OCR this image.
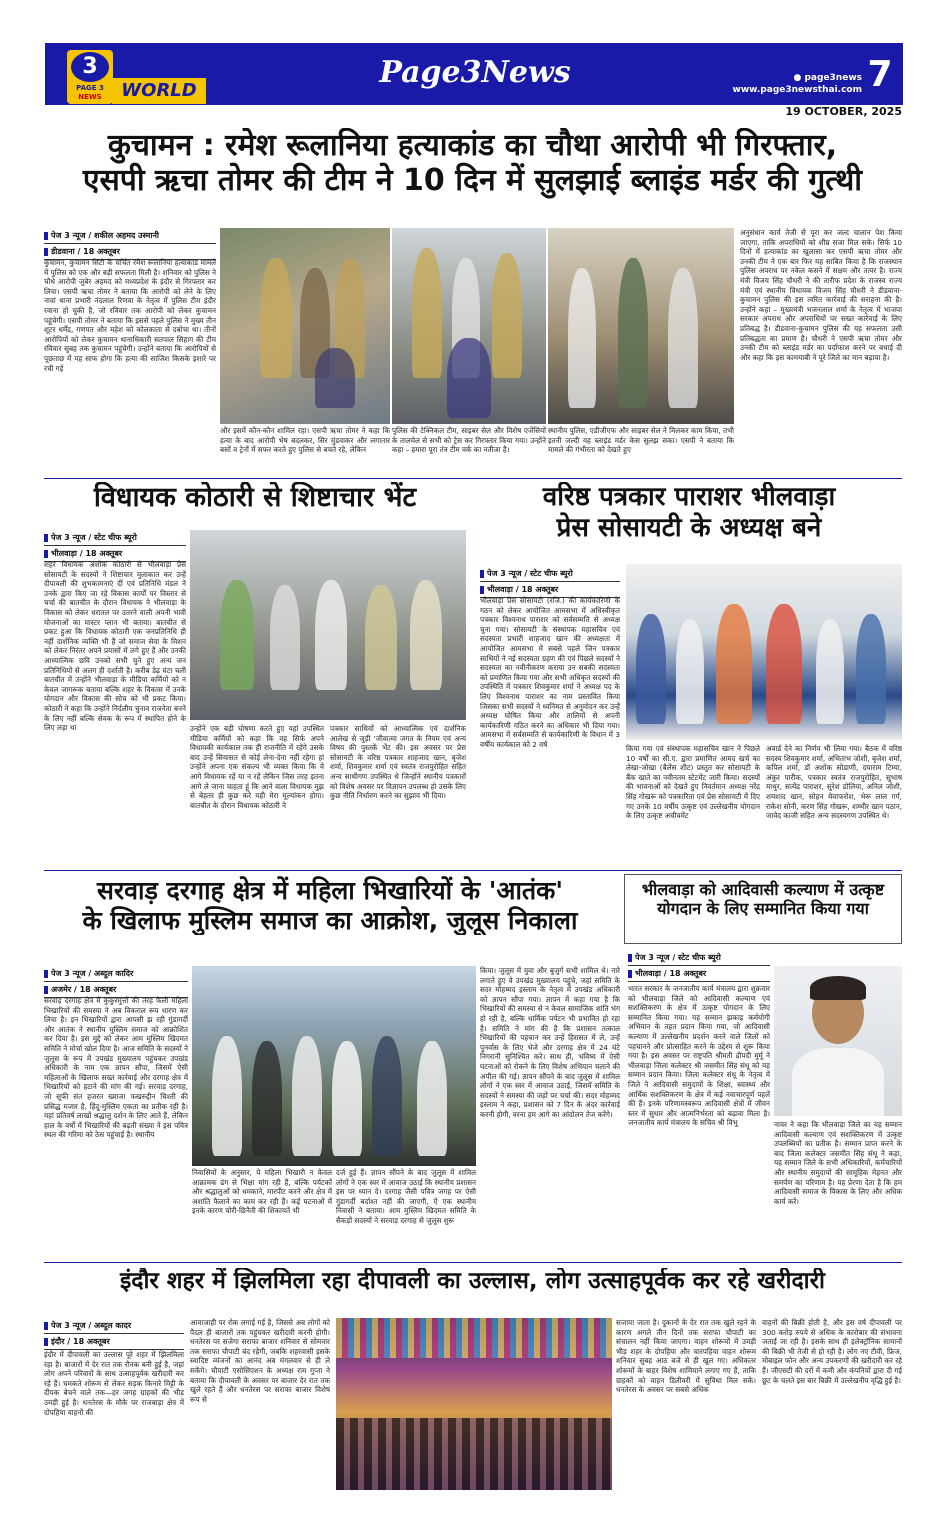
3
PAGE 3
NEWS	WORLD
Page3News	● page3news
www.page3newsthai.com 7
19 OCTOBER, 2025
कुचामन : रमेश रूलानिया हत्याकांड का चौथा आरोपी भी गिरफ्तार,
एसपी ऋचा तोमर की टीम ने 10 दिन में सुलझाई ब्लाइंड मर्डर की गुत्थी
पेज 3 न्यूज / शकील अहमद उस्मानी
डीडवाना / 18 अक्तूबर
कुचामन, कुचामन सिटी के चर्चित रमेश रूलानिया हत्याकांड मामले में पुलिस को एक और बड़ी सफलता मिली है। शनिवार को पुलिस ने चौथे आरोपी जुबेर अहमद को मध्यप्रदेश के इंदौर से गिरफ्तार कर लिया। एसपी ऋचा तोमर ने बताया कि आरोपी को लेने के लिए नावां थाना प्रभारी नंदलाल रिणवा के नेतृत्व में पुलिस टीम इंदौर रवाना हो चुकी है, जो रविवार तक आरोपी को लेकर कुचामन पहुंचेगी। एसपी तोमर ने बताया कि इससे पहले पुलिस ने मुख्य तीन शूटर धर्मेंद्र, गणपत और महेश को कोलकाता से दबोचा था। तीनों आरोपियों को लेकर कुचामन थानाधिकारी सतपाल सिहाग की टीम रविवार सुबह तक कुचामन पहुंचेगी। उन्होंने बताया कि आरोपियों से पूछताछ में यह साफ होगा कि हत्या की साजिश किसके इशारे पर रची गई
और इसमें कौन-कौन शामिल रहा। एसपी ऋचा तोमर ने कहा कि हत्या के बाद आरोपी भेष बदलकर, सिर मुंडवाकर और लगातार बसों व ट्रेनों में सफर करते हुए पुलिस से बचते रहे, लेकिन
पुलिस की टेक्निकल टीम, साइबर सेल और विशेष एजेंसियों के तालमेल से सभी को ट्रेस कर गिरफ्तार किया गया। उन्होंने कहा – हमारा पूरा तंत्र टीम वर्क का नतीजा है।
स्थानीय पुलिस, एडीजीएफ और साइबर सेल ने मिलकर काम किया, तभी इतनी जल्दी यह ब्लाइंड मर्डर केस सुलझ सका। एसपी ने बताया कि मामले की गंभीरता को देखते हुए
अनुसंधान कार्य तेजी से पूरा कर जल्द चालान पेश किया जाएगा, ताकि अपराधियों को शीघ्र सजा मिल सके। सिर्फ 10 दिनों में हत्याकांड का खुलासा कर एसपी ऋचा तोमर और उनकी टीम ने एक बार फिर यह साबित किया है कि राजस्थान पुलिस अपराध पर नकेल कसने में सक्षम और तत्पर है। राज्य मंत्री विजय सिंह चौधरी ने की तारीफ प्रदेश के राजस्व राज्य मंत्री एवं स्थानीय विधायक विजय सिंह चौधरी ने डीडवाना-कुचामन पुलिस की इस त्वरित कार्रवाई की सराहना की है। उन्होंने कहा – मुख्यमंत्री भजनलाल शर्मा के नेतृत्व में भाजपा सरकार अपराध और अपराधियों पर सख्त कार्रवाई के लिए प्रतिबद्ध है। डीडवाना-कुचामन पुलिस की यह सफलता उसी प्रतिबद्धता का प्रमाण है। चौधरी ने एसपी ऋचा तोमर और उनकी टीम को ब्लाइंड मर्डर का पर्दाफाश करने पर बधाई दी और कहा कि इस कामयाबी ने पूरे जिले का मान बढ़ाया है।
विधायक कोठारी से शिष्टाचार भेंट
पेज 3 न्यूज / स्टेट चीफ ब्यूरो
भीलवाड़ा / 18 अक्तूबर
शहर विधायक अशोक कोठारी से भीलवाड़ा प्रेस सोसायटी के सदस्यों ने शिष्टाचार मुलाकात कर उन्हें दीपावली की शुभकामनाएं दीं एवं प्रतिनिधि मंडल ने उनके द्वारा किए जा रहे विकास कार्यों पर विस्तार से चर्चा की बातचीत के दौरान विधायक ने भीलवाड़ा के विकास को लेकर धरातल पर उतरने वाली अपनी भावी योजनाओं का मास्टर प्लान भी बताया। बातचीत से प्रकट हुआ कि विधायक कोठारी एक जनप्रतिनिधि ही नहीं दार्शनिक व्यक्ति भी हैं जो समाज सेवा के मिशन को लेकर निरंतर अपने प्रयासों में लगे हुए हैं और उनकी आध्यात्मिक छवि उनको सभी चुने हुए अन्य जन प्रतिनिधियों से अलग ही दर्शाती है। करीब डेढ़ घंटा चली बातचीत में उन्होंने भीलवाड़ा के मीडिया कर्मियों को न केवल जागरूक बताया बल्कि शहर के विकास में उनके योगदान और विकास की सोच को भी प्रकट किया। कोठारी ने कहा कि उन्होंने निर्दलीय चुनाव राजनेता बनने के लिए नहीं बल्कि सेवक के रूप में स्थापित होने के लिए लड़ा था	उन्होंने एक बड़ी घोषणा करते हुए यहां उपस्थित मीडिया कर्मियों को कहा कि वह सिर्फ अपने विधायकी कार्यकाल तक ही राजनीति में रहेंगे उसके बाद उन्हें सियासत से कोई लेना-देना नहीं रहेगा हां उन्होंने अपना एक संकल्प भी व्यक्त किया कि वे आगे विधायक रहें या न रहें लेकिन जिस तरह इतना आगे ले जाना चाहता हूं कि आने वाला विधायक मुझ से बेहतर ही कुछ करे यही मेरा मूल्यांकन होगा। बातचीत के दौरान विधायक कोठारी ने
पत्रकार साथियों को आध्यात्मिक एवं दार्शनिक आलेख से जुड़ी 'जीवात्मा जगत के नियम एवं अन्य विषय की पुस्तकें भेंट की। इस अवसर पर प्रेस सोसायटी के वरिष्ठ पत्रकार शाहजाद खान, बृजेश शर्मा, शिवकुमार शर्मा एवं स्वतंत्र राजपुरोहित सहित अन्य साथीगण उपस्थित थे जिन्होंने स्थानीय पत्रकारों को विशेष अवसर पर विज्ञापन उपलब्ध हो उसके लिए कुछ नीति निर्धारण करने का सुझाव भी दिया।
वरिष्ठ पत्रकार पाराशर भीलवाड़ा
प्रेस सोसायटी के अध्यक्ष बने
पेज 3 न्यूज / स्टेट चीफ ब्यूरो
भीलवाड़ा / 18 अक्तूबर
भीलवाड़ा प्रेस सोसायटी (रजि.) की कार्यकारिणी के गठन को लेकर आयोजित आमसभा में अधिस्वीकृत पत्रकार विश्वनाथ पाराशर को सर्वसम्मति से अध्यक्ष चुना गया। सोसायटी के संस्थापक महासचिव एवं सदस्यता प्रभारी शाहजाद खान की अध्यक्षता में आयोजित आमसभा में सबसे पहले जिन पत्रकार साथियों ने नई सदस्यता ग्रहण की एवं पिछले सदस्यों ने सदस्यता का नवीनीकरण कराया उन सबकी सदस्यता को प्रमाणित किया गया और सभी अधिकृत सदस्यों की उपस्थिति में पत्रकार शिवकुमार शर्मा ने अध्यक्ष पद के लिए विश्वनाथ पाराशर का नाम प्रस्तावित किया जिसका सभी सदस्यों ने ध्वनिमत से अनुमोदन कर उन्हें अध्यक्ष घोषित किया और तालियों से अपनी कार्यकारिणी गठित करने का अधिकार भी दिया गया। आमसभा में सर्वसम्मति से कार्यकारिणी के विधान में 3 वर्षीय कार्यकाल को 2 वर्ष	किया गया एवं संस्थापक महासचिव खान ने पिछले 10 वर्षों का सी.ए. द्वारा प्रमाणित आमद खर्च का लेखा-जोखा (बैलेंस शीट) प्रस्तुत कर सोसायटी के बैंक खाते का नवीनतम स्टेटमेंट जारी किया। सदस्यों की भावनाओं को देखते हुए निवर्तमान अध्यक्ष नरेंद्र सिंह गोखरू को पत्रकारिता एवं प्रेस सोसायटी में दिए गए उनके 10 वर्षीय उत्कृष्ट एवं उल्लेखनीय योगदान के लिए उत्कृष्ट अचीवमेंट
अवार्ड देने का निर्णय भी लिया गया। बैठक में वरिष्ठ सदस्य शिवकुमार शर्मा, अभिताभ जोशी, बृजेश शर्मा, कपिल शर्मा, डॉ अशोक सोडाणी, दयाराम टिम्या, अंकुर पारीक, पत्रकार स्वतंत्र राजपुरोहित, सुभाष माथुर, सत्येंद्र पाराशर, सुरेश डोलिया, अनिल जोशी, शमशाद खान, सोहन मेवाफरोश, भेरू लाल गर्ग, राकेश सोनी, करण सिंह गोखरू, शम्भीर खान पठान, जावेद काजी सहित अन्य सदस्यगण उपस्थित थे।
सरवाड़ दरगाह क्षेत्र में महिला भिखारियों के 'आतंक'
के खिलाफ मुस्लिम समाज का आक्रोश, जुलूस निकाला
पेज 3 न्यूज / अब्दुल कादिर
अजमेर / 18 अक्तूबर
सरवाड़ दरगाह क्षेत्र में कुकुरमुत्तों की तरह फैली महिला भिखारियों की समस्या ने अब विकराल रूप धारण कर लिया है। इन भिखारियों द्वारा आपसी झ रही गुंडागर्दी और आतंक ने स्थानीय मुस्लिम समाज को आक्रोशित कर दिया है। इस मुद्दे को लेकर आम मुस्लिम खिदमत समिति ने मोर्चा खोल दिया है। आज समिति के सदस्यों ने जुलूस के रूप में उपखंड मुख्यालय पहुंचकर उपखंड अधिकारी के नाम एक ज्ञापन सौंपा, जिसमें ऐसी महिलाओं के खिलाफ सख्त कार्रवाई और दरगाह क्षेत्र में भिखारियों को हटाने की मांग की गई। सरवाड़ दरगाह, जो सूफी संत हजरत ख्वाजा फखरुद्दीन चिश्ती की प्रसिद्ध मजार है, हिंदू-मुस्लिम एकता का प्रतीक रही है। यहां प्रतिवर्ष लाखों श्रद्धालु दर्शन के लिए आते हैं, लेकिन हाल के वर्षों में भिखारियों की बढ़ती संख्या ने इस पवित्र स्थल की गरिमा को ठेस पहुंचाई है। स्थानीय
निवासियों के अनुसार, ये महिला भिखारी न केवल आक्रामक ढंग से भिक्षा मांग रही हैं, बल्कि पर्यटकों और श्रद्धालुओं को धमकाने, मारपीट करने और क्षेत्र में अशांति फैलाने का काम कर रही हैं। कई घटनाओं में इनके कारण चोरी-छिनैती की शिकायतें भी
दर्ज हुई हैं। ज्ञापन सौंपने के बाद जुलूस में शामिल लोगों ने एक स्वर में आवाज उठाई कि स्थानीय प्रशासन इस पर ध्यान दे। दरगाह जैसी पवित्र जगह पर ऐसी गुंडागर्दी बर्दाश्त नहीं की जाएगी, ऐ एक स्थानीय निवासी ने बताया। आम मुस्लिम खिदमत समिति के सैकड़ों सदस्यों ने सरवाड़ दरगाह से जुलूस शुरू
किया। जुलूस में युवा और बुजुर्ग सभी शामिल थे। नारे लगाते हुए वे उपखंड मुख्यालय पहुंचे, जहां समिति के सदर मोहम्मद इस्लाम के नेतृत्व में उपखंड अधिकारी को ज्ञापन सौंपा गया। ज्ञापन में कहा गया है कि भिखारियों की समस्या से न केवल सामाजिक शांति भंग हो रही है, बल्कि धार्मिक पर्यटन भी प्रभावित हो रहा है। समिति ने मांग की है कि प्रशासन तत्काल भिखारियों की पहचान कर उन्हें हिरासत में ले, उन्हें पुनर्वास के लिए भेजे और दरगाह क्षेत्र में 24 घंटे निगरानी सुनिश्चित करे। साथ ही, भविष्य में ऐसी घटनाओं को रोकने के लिए विशेष अभियान चलाने की अपील की गई। ज्ञापन सौंपने के बाद जुलूस में शामिल लोगों ने एक स्वर में आवाज उठाई, जिसमें समिति के सदस्यों ने समस्या की जड़ों पर चर्चा की। सदर मोहम्मद इस्लाम ने कहा, प्रशासन को 7 दिन के अंदर कार्रवाई करनी होगी, वरना हम आगे का आंदोलन तेज करेंगे।
भीलवाड़ा को आदिवासी कल्याण में उत्कृष्ट
योगदान के लिए सम्मानित किया गया
पेज 3 न्यूज / स्टेट चीफ ब्यूरो
भीलवाड़ा / 18 अक्तूबर
भारत सरकार के जनजातीय कार्य मंत्रालय द्वारा शुक्रवार को भीलवाड़ा जिले को आदिवासी कल्याण एवं सशक्तिकरण के क्षेत्र में उत्कृष्ट योगदान के लिए सम्मानित किया गया। यह सम्मान झकाइ कर्मयोगी अभियान के तहत प्रदान किया गया, जो आदिवासी कल्याण में उल्लेखनीय प्रदर्शन करने वाले जिलों को पहचानने और प्रोत्साहित करने के उद्देश्य से शुरू किया गया है। इस अवसर पर राष्ट्रपति श्रीमती द्रौपदी मुर्मू ने भीलवाड़ा जिला कलेक्टर श्री जसमीत सिंह संधू को यह सम्मान प्रदान किया। जिला कलेक्टर संधू के नेतृत्व में जिले ने आदिवासी समुदायों के शिक्षा, स्वास्थ्य और आर्थिक सशक्तिकरण के क्षेत्र में कई नवाचारपूर्ण पहलें की हैं। इनके परिणामस्वरूप आदिवासी क्षेत्रों में जीवन स्तर में सुधार और आत्मनिर्भरता को बढ़ावा मिला है। जनजातीय कार्य मंत्रालय के सचिव श्री विभु	नायर ने कहा कि भीलवाड़ा जिले का यह सम्मान आदिवासी कल्याण एवं सशक्तिकरण में उत्कृष्ट उपलब्धियों का प्रतीक है। सम्मान प्राप्त करने के बाद जिला कलेक्टर जसमीत सिंह संधू ने कहा, यह सम्मान जिले के सभी अधिकारियों, कर्मचारियों और स्थानीय समुदायों की सामूहिक मेहनत और समर्पण का परिणाम है। यह प्रेरणा देता है कि हम आदिवासी समाज के विकास के लिए और अधिक कार्य करें।
इंदौर शहर में झिलमिला रहा दीपावली का उल्लास, लोग उत्साहपूर्वक कर रहे खरीदारी
पेज 3 न्यूज / अब्दुल कादर
इंदौर / 18 अक्तूबर
इंदौर में दीपावली का उल्लास पूरे शहर में झिलमिला रहा है। बाजारों में देर रात तक रौनक बनी हुई है, जहां लोग अपने परिवारों के साथ उत्साहपूर्वक खरीदारी कर रहे हैं। चमकते शोरूम से लेकर सड़क किनारे मिट्टी के दीपक बेचने वाले तक—हर जगह ग्राहकों की भीड़ उमड़ी हुई है। धनतेरस के मौके पर राजबाड़ा क्षेत्र में दोपहिया वाहनों की
आवाजाही पर रोक लगाई गई है, जिससे अब लोगों को पैदल ही बाजारों तक पहुंचकर खरीदारी करनी होगी। धनतेरस पर सजेगा सराफा बाजार शनिवार से सोमवार तक सराफा चौपाटी बंद रहेगी, जबकि शहरवासी इसके स्वादिष्ट व्यंजनों का आनंद अब मंगलवार से ही ले सकेंगे। चौपाटी एसोसिएशन के अध्यक्ष राम गुप्ता ने बताया कि दीपावली के अवसर पर बाजार देर रात तक खुले रहते हैं और धनतेरस पर सराफा बाजार विशेष रूप से
सजाया जाता है। दुकानों के देर रात तक खुले रहने के कारण अगले तीन दिनों तक सराफा चौपाटी का संचालन नहीं किया जाएगा। वाहन शोरूमों में उमड़ी भीड़ शहर के दोपहिया और चारपहिया वाहन शोरूम शनिवार सुबह आठ बजे से ही खुल गए। अधिकतर शोरूमों के बाहर विशेष शामियाने लगाए गए हैं, ताकि ग्राहकों को वाहन डिलीवरी में सुविधा मिल सके। धनतेरस के अवसर पर सबसे अधिक
वाहनों की बिक्री होती है, और इस वर्ष दीपावली पर 300 करोड़ रुपये से अधिक के कारोबार की संभावना जताई जा रही है। इसके साथ ही इलेक्ट्रॉनिक सामानों की बिक्री भी तेजी से हो रही है। लोग नए टीवी, फ्रिज, मोबाइल फोन और अन्य उपकरणों की खरीदारी कर रहे हैं। जीएसटी की दरों में कमी और कंपनियों द्वारा दी गई छूट के चलते इस बार बिक्री में उल्लेखनीय वृद्धि हुई है।
